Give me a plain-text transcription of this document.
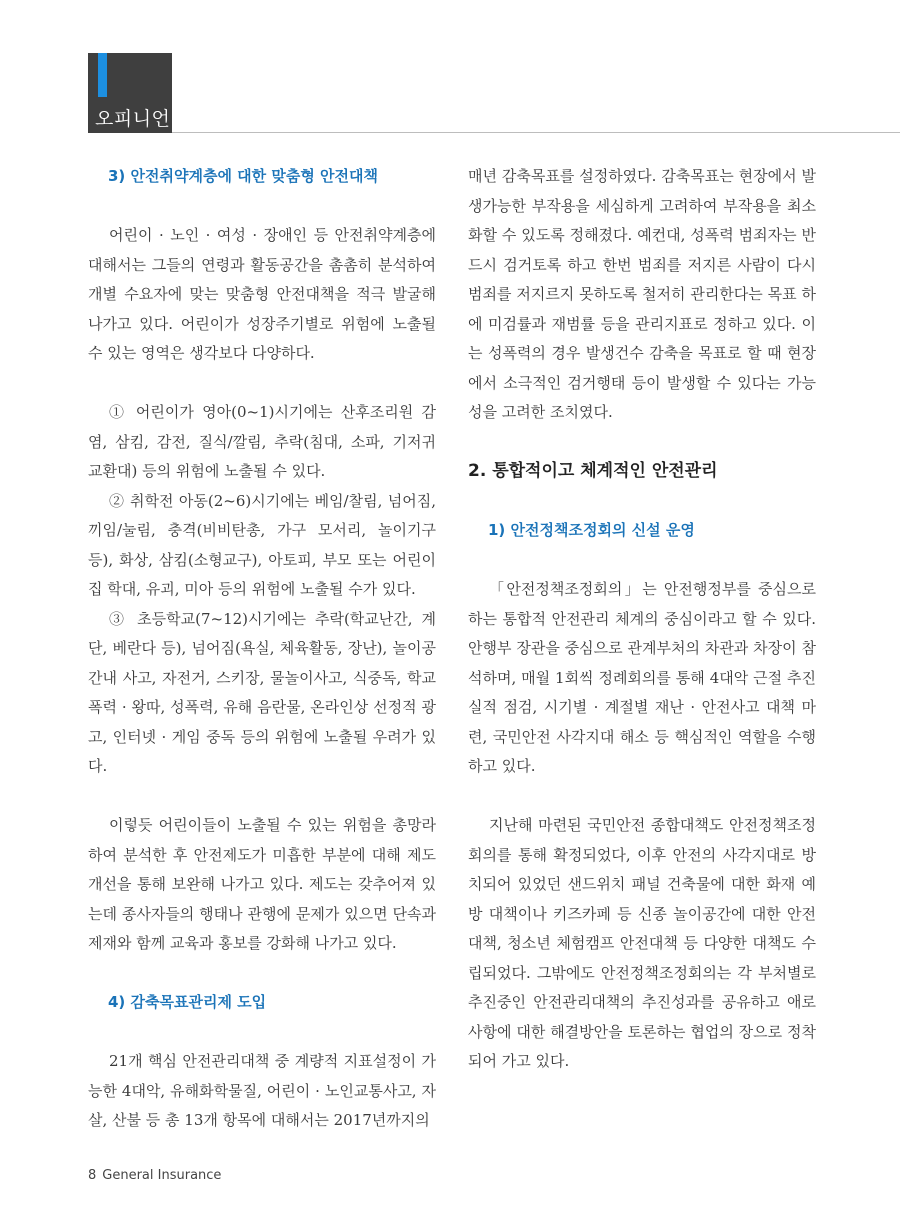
오피니언

3) 안전취약계층에 대한 맞춤형 안전대책

어린이 · 노인 · 여성 · 장애인 등 안전취약계층에 대해서는 그들의 연령과 활동공간을 촘촘히 분석하여 개별 수요자에 맞는 맞춤형 안전대책을 적극 발굴해 나가고 있다. 어린이가 성장주기별로 위험에 노출될 수 있는 영역은 생각보다 다양하다.

① 어린이가 영아(0~1)시기에는 산후조리원 감염, 삼킴, 감전, 질식/깔림, 추락(침대, 소파, 기저귀 교환대) 등의 위험에 노출될 수 있다.

② 취학전 아동(2~6)시기에는 베임/찰림, 넘어짐, 끼임/눌림, 충격(비비탄총, 가구 모서리, 놀이기구 등), 화상, 삼킴(소형교구), 아토피, 부모 또는 어린이집 학대, 유괴, 미아 등의 위험에 노출될 수가 있다.

③ 초등학교(7~12)시기에는 추락(학교난간, 계단, 베란다 등), 넘어짐(욕실, 체육활동, 장난), 놀이공간내 사고, 자전거, 스키장, 물놀이사고, 식중독, 학교폭력 · 왕따, 성폭력, 유해 음란물, 온라인상 선정적 광고, 인터넷 · 게임 중독 등의 위험에 노출될 우려가 있다.

이렇듯 어린이들이 노출될 수 있는 위험을 총망라하여 분석한 후 안전제도가 미흡한 부분에 대해 제도 개선을 통해 보완해 나가고 있다. 제도는 갖추어져 있는데 종사자들의 행태나 관행에 문제가 있으면 단속과 제재와 함께 교육과 홍보를 강화해 나가고 있다.

4) 감축목표관리제 도입

21개 핵심 안전관리대책 중 계량적 지표설정이 가능한 4대악, 유해화학물질, 어린이 · 노인교통사고, 자살, 산불 등 총 13개 항목에 대해서는 2017년까지의

매년 감축목표를 설정하였다. 감축목표는 현장에서 발생가능한 부작용을 세심하게 고려하여 부작용을 최소화할 수 있도록 정해졌다. 예컨대, 성폭력 범죄자는 반드시 검거토록 하고 한번 범죄를 저지른 사람이 다시 범죄를 저지르지 못하도록 철저히 관리한다는 목표 하에 미검률과 재범률 등을 관리지표로 정하고 있다. 이는 성폭력의 경우 발생건수 감축을 목표로 할 때 현장에서 소극적인 검거행태 등이 발생할 수 있다는 가능성을 고려한 조치였다.

2. 통합적이고 체계적인 안전관리

1) 안전정책조정회의 신설 운영

「안전정책조정회의」는 안전행정부를 중심으로 하는 통합적 안전관리 체계의 중심이라고 할 수 있다. 안행부 장관을 중심으로 관계부처의 차관과 차장이 참석하며, 매월 1회씩 정례회의를 통해 4대악 근절 추진 실적 점검, 시기별 · 계절별 재난 · 안전사고 대책 마련, 국민안전 사각지대 해소 등 핵심적인 역할을 수행하고 있다.

지난해 마련된 국민안전 종합대책도 안전정책조정회의를 통해 확정되었다, 이후 안전의 사각지대로 방치되어 있었던 샌드위치 패널 건축물에 대한 화재 예방 대책이나 키즈카페 등 신종 놀이공간에 대한 안전대책, 청소년 체험캠프 안전대책 등 다양한 대책도 수립되었다. 그밖에도 안전정책조정회의는 각 부처별로 추진중인 안전관리대책의 추진성과를 공유하고 애로사항에 대한 해결방안을 토론하는 협업의 장으로 정착되어 가고 있다.

8 General Insurance
